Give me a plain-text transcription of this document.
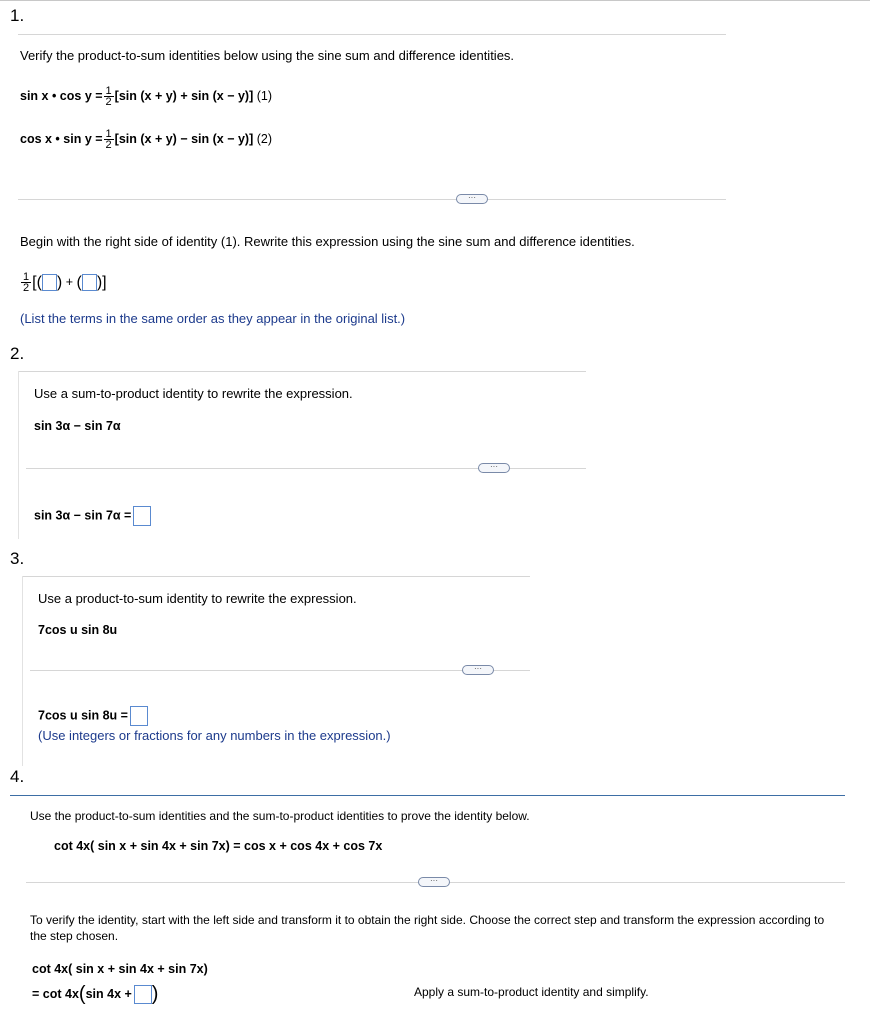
1.
Verify the product-to-sum identities below using the sine sum and difference identities.
sin x • $\cos y = \frac{1}{2} [\sin$ (x + y) + sin (x − y)] (1)
cos x • $\sin y = \frac{1}{2} [\sin$ (x + y) − sin (x − y)] (2)
···
Begin with the right side of identity (1). Rewrite this expression using the sine sum and difference identities.
$\frac{1}{2}$ [( ) + ( )]
(List the terms in the same order as they appear in the original list.)
2.
Use a sum-to-product identity to rewrite the expression.
sin 3α − sin 7α
···
sin 3α − sin 7α =
3.
Use a product-to-sum identity to rewrite the expression.
7cos u sin 8u
···
7cos u sin 8u =
(Use integers or fractions for any numbers in the expression.)
4.
Use the product-to-sum identities and the sum-to-product identities to prove the identity below.
cot 4x( sin x + sin 4x + sin 7x) = cos x + cos 4x + cos 7x
···
To verify the identity, start with the left side and transform it to obtain the right side. Choose the correct step and transform the expression according to the step chosen.
cot 4x( sin x + sin 4x + sin 7x)
= cot 4x(sin 4x + )	Apply a sum-to-product identity and simplify.
